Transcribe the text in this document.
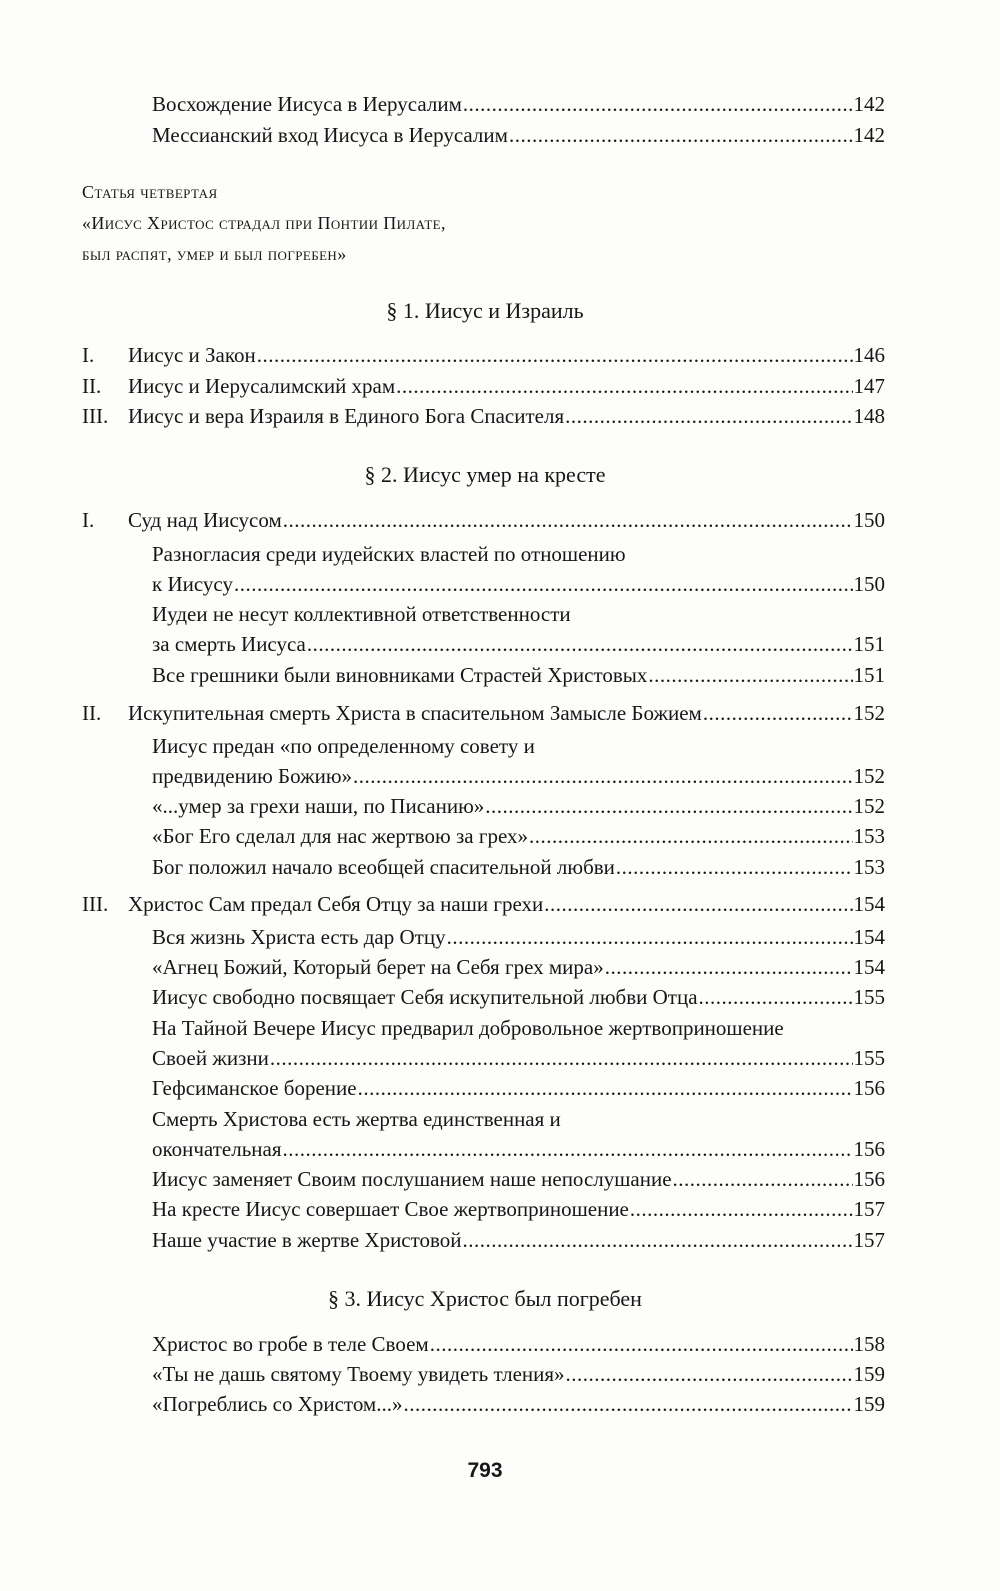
Восхождение Иисуса в Иерусалим .....	142
Мессианский вход Иисуса в Иерусалим .....	142
Статья четвертая
«Иисус Христос страдал при Понтии Пилате,
был распят, умер и был погребен»
§ 1. Иисус и Израиль
I. Иисус и Закон .....	146
II. Иисус и Иерусалимский храм .....	147
III. Иисус и вера Израиля в Единого Бога Спасителя .....	148
§ 2. Иисус умер на кресте
I. Суд над Иисусом .....	150
Разногласия среди иудейских властей по отношению
к Иисусу .....	150
Иудеи не несут коллективной ответственности
за смерть Иисуса .....	151
Все грешники были виновниками Страстей Христовых .....	151
II. Искупительная смерть Христа в спасительном Замысле Божием .....	152
Иисус предан «по определенному совету и
предвидению Божию» .....	152
«...умер за грехи наши, по Писанию» .....	152
«Бог Его сделал для нас жертвою за грех» .....	153
Бог положил начало всеобщей спасительной любви .....	153
III. Христос Сам предал Себя Отцу за наши грехи .....	154
Вся жизнь Христа есть дар Отцу .....	154
«Агнец Божий, Который берет на Себя грех мира» .....	154
Иисус свободно посвящает Себя искупительной любви Отца .....	155
На Тайной Вечере Иисус предварил добровольное жертвоприношение
Своей жизни .....	155
Гефсиманское борение .....	156
Смерть Христова есть жертва единственная и
окончательная .....	156
Иисус заменяет Своим послушанием наше непослушание .....	156
На кресте Иисус совершает Свое жертвоприношение .....	157
Наше участие в жертве Христовой .....	157
§ 3. Иисус Христос был погребен
Христос во гробе в теле Своем .....	158
«Ты не дашь святому Твоему увидеть тления» .....	159
«Погреблись со Христом...» .....	159
793
